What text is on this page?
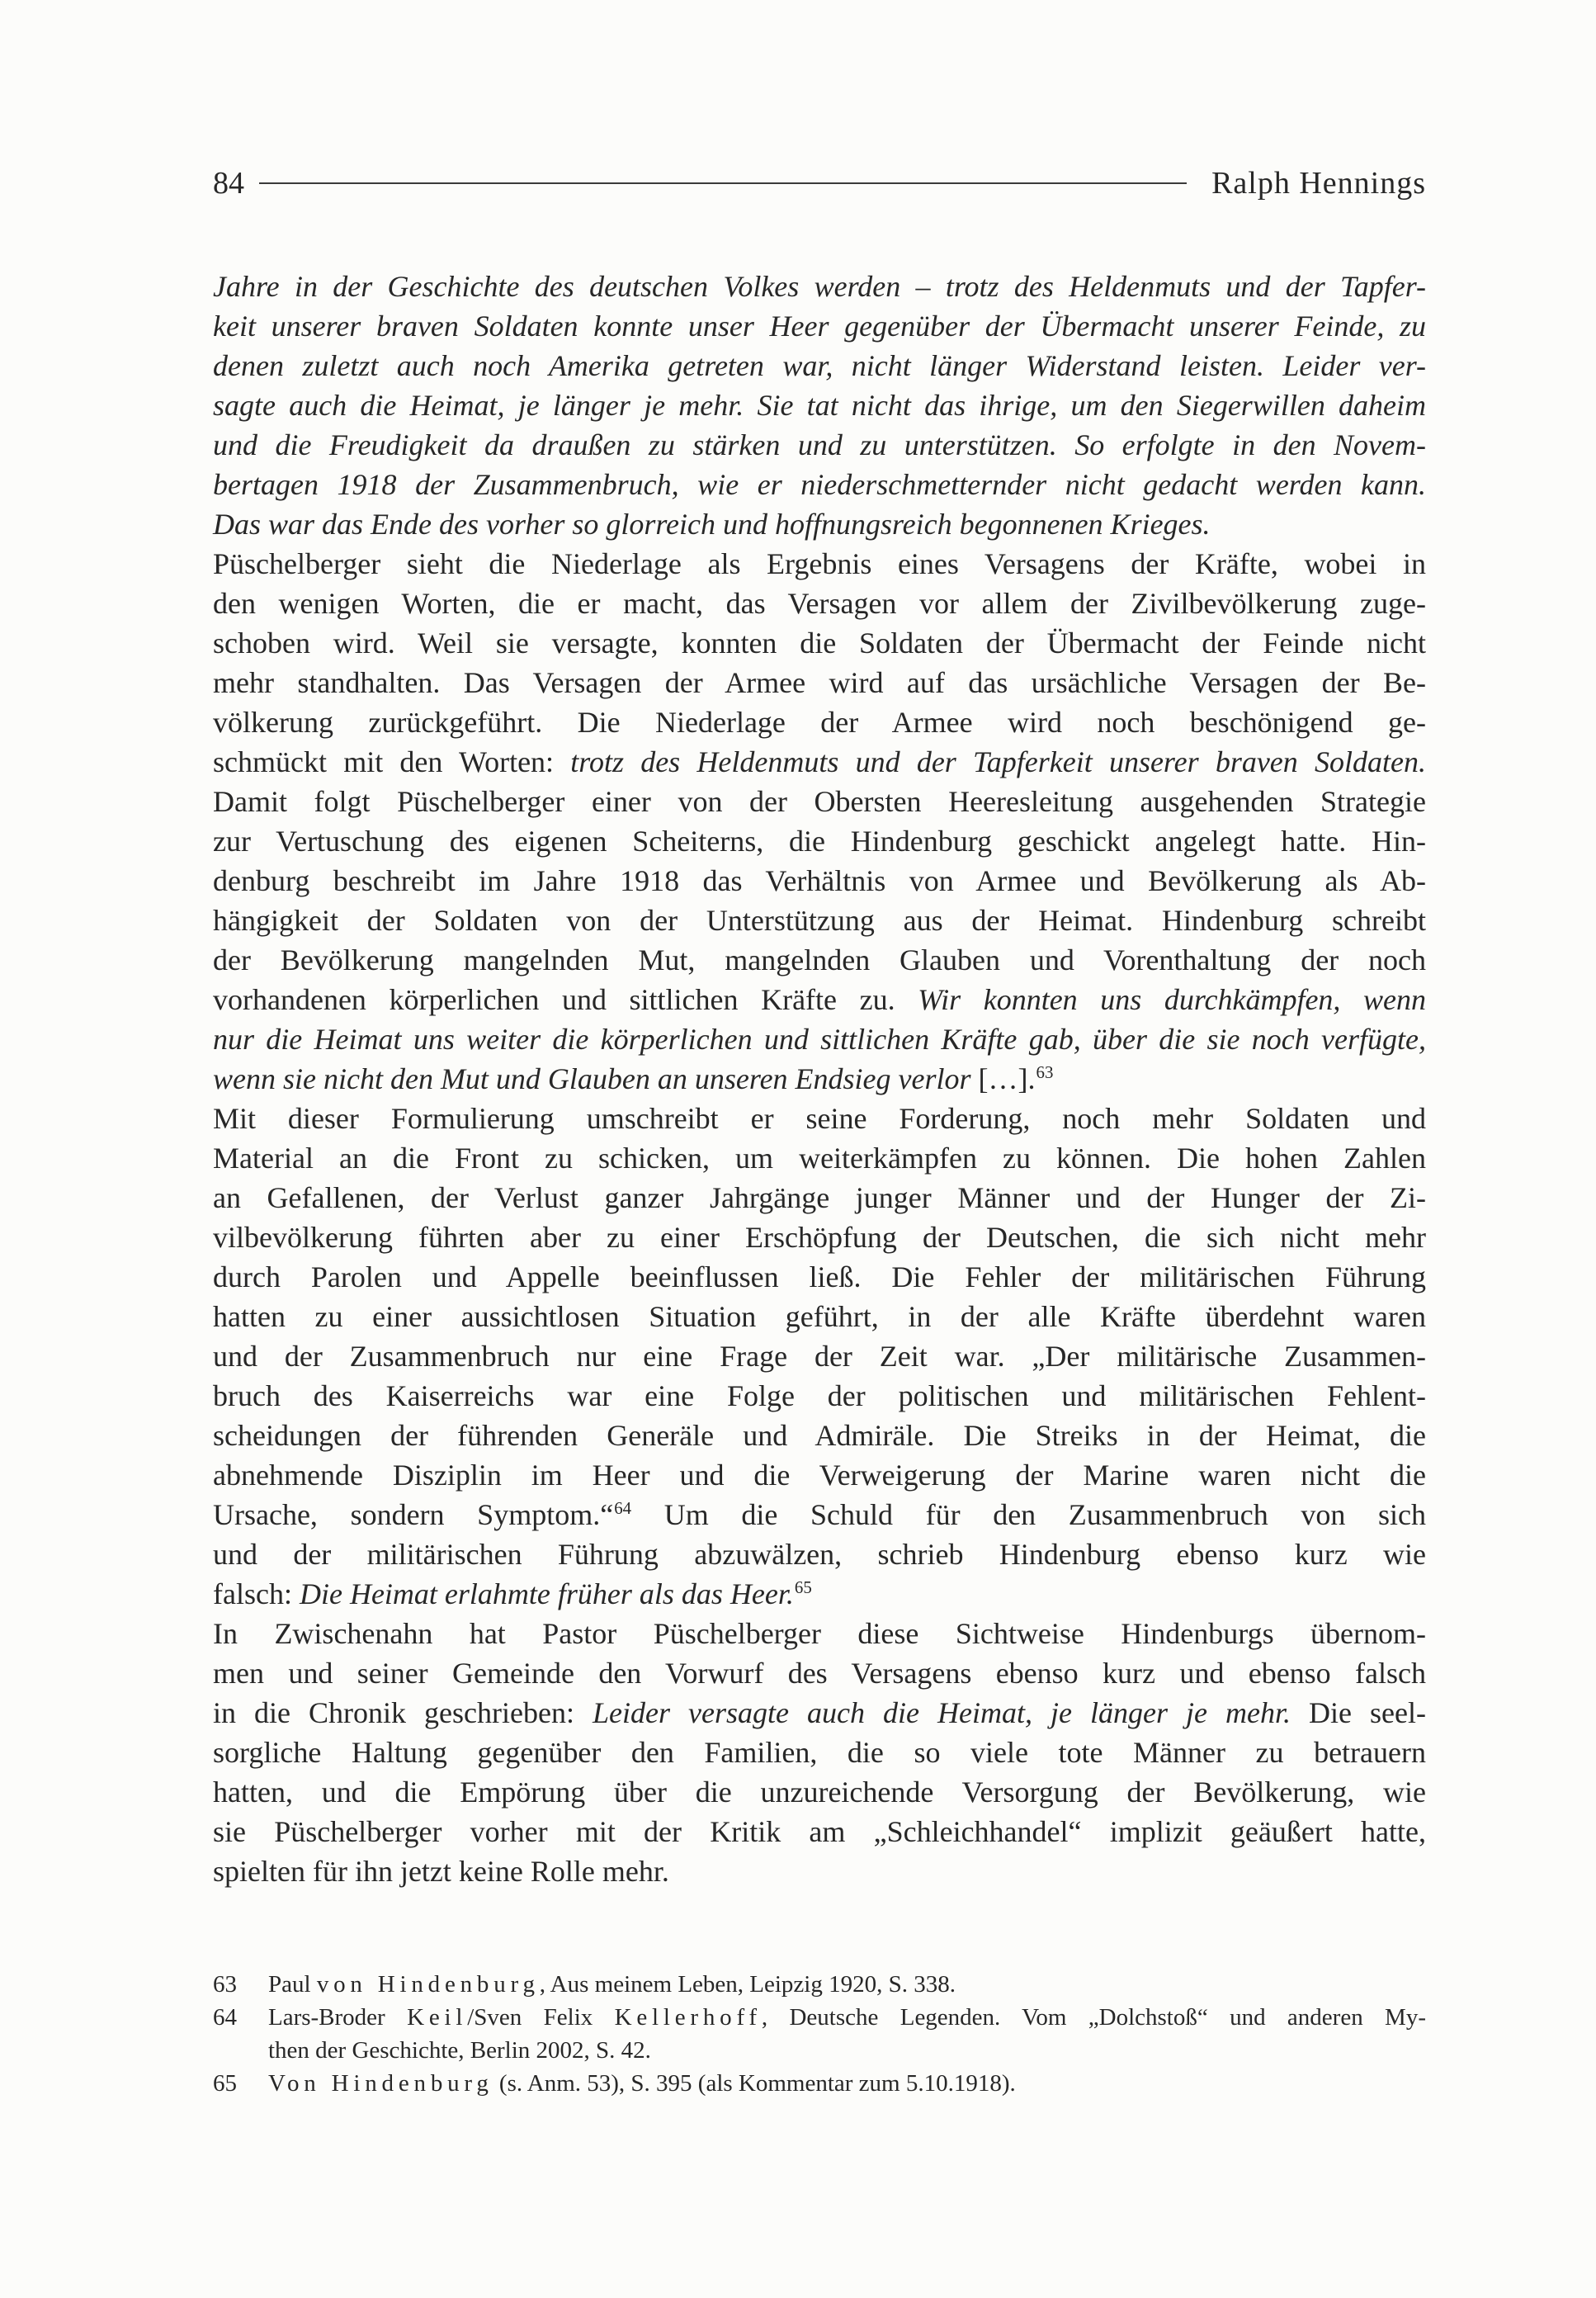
84	Ralph Hennings
Jahre in der Geschichte des deutschen Volkes werden – trotz des Heldenmuts und der Tapfer-
keit unserer braven Soldaten konnte unser Heer gegenüber der Übermacht unserer Feinde, zu
denen zuletzt auch noch Amerika getreten war, nicht länger Widerstand leisten. Leider ver-
sagte auch die Heimat, je länger je mehr. Sie tat nicht das ihrige, um den Siegerwillen daheim
und die Freudigkeit da draußen zu stärken und zu unterstützen. So erfolgte in den Novem-
bertagen 1918 der Zusammenbruch, wie er niederschmetternder nicht gedacht werden kann.
Das war das Ende des vorher so glorreich und hoffnungsreich begonnenen Krieges.
Püschelberger sieht die Niederlage als Ergebnis eines Versagens der Kräfte, wobei in
den wenigen Worten, die er macht, das Versagen vor allem der Zivilbevölkerung zuge-
schoben wird. Weil sie versagte, konnten die Soldaten der Übermacht der Feinde nicht
mehr standhalten. Das Versagen der Armee wird auf das ursächliche Versagen der Be-
völkerung zurückgeführt. Die Niederlage der Armee wird noch beschönigend ge-
schmückt mit den Worten: trotz des Heldenmuts und der Tapferkeit unserer braven Soldaten.
Damit folgt Püschelberger einer von der Obersten Heeresleitung ausgehenden Strategie
zur Vertuschung des eigenen Scheiterns, die Hindenburg geschickt angelegt hatte. Hin-
denburg beschreibt im Jahre 1918 das Verhältnis von Armee und Bevölkerung als Ab-
hängigkeit der Soldaten von der Unterstützung aus der Heimat. Hindenburg schreibt
der Bevölkerung mangelnden Mut, mangelnden Glauben und Vorenthaltung der noch
vorhandenen körperlichen und sittlichen Kräfte zu. Wir konnten uns durchkämpfen, wenn
nur die Heimat uns weiter die körperlichen und sittlichen Kräfte gab, über die sie noch verfügte,
wenn sie nicht den Mut und Glauben an unseren Endsieg verlor […].$^{63}$
Mit dieser Formulierung umschreibt er seine Forderung, noch mehr Soldaten und
Material an die Front zu schicken, um weiterkämpfen zu können. Die hohen Zahlen
an Gefallenen, der Verlust ganzer Jahrgänge junger Männer und der Hunger der Zi-
vilbevölkerung führten aber zu einer Erschöpfung der Deutschen, die sich nicht mehr
durch Parolen und Appelle beeinflussen ließ. Die Fehler der militärischen Führung
hatten zu einer aussichtlosen Situation geführt, in der alle Kräfte überdehnt waren
und der Zusammenbruch nur eine Frage der Zeit war. „Der militärische Zusammen-
bruch des Kaiserreichs war eine Folge der politischen und militärischen Fehlent-
scheidungen der führenden Generäle und Admiräle. Die Streiks in der Heimat, die
abnehmende Disziplin im Heer und die Verweigerung der Marine waren nicht die
Ursache, sondern Symptom.“$^{64}$ Um die Schuld für den Zusammenbruch von sich
und der militärischen Führung abzuwälzen, schrieb Hindenburg ebenso kurz wie
falsch: Die Heimat erlahmte früher als das Heer.$^{65}$
In Zwischenahn hat Pastor Püschelberger diese Sichtweise Hindenburgs übernom-
men und seiner Gemeinde den Vorwurf des Versagens ebenso kurz und ebenso falsch
in die Chronik geschrieben: Leider versagte auch die Heimat, je länger je mehr. Die seel-
sorgliche Haltung gegenüber den Familien, die so viele tote Männer zu betrauern
hatten, und die Empörung über die unzureichende Versorgung der Bevölkerung, wie
sie Püschelberger vorher mit der Kritik am „Schleichhandel“ implizit geäußert hatte,
spielten für ihn jetzt keine Rolle mehr.
63	Paul von Hindenburg, Aus meinem Leben, Leipzig 1920, S. 338.
64	Lars-Broder Keil/Sven Felix Kellerhoff, Deutsche Legenden. Vom „Dolchstoß“ und anderen My-
then der Geschichte, Berlin 2002, S. 42.
65	Von Hindenburg (s. Anm. 53), S. 395 (als Kommentar zum 5.10.1918).
